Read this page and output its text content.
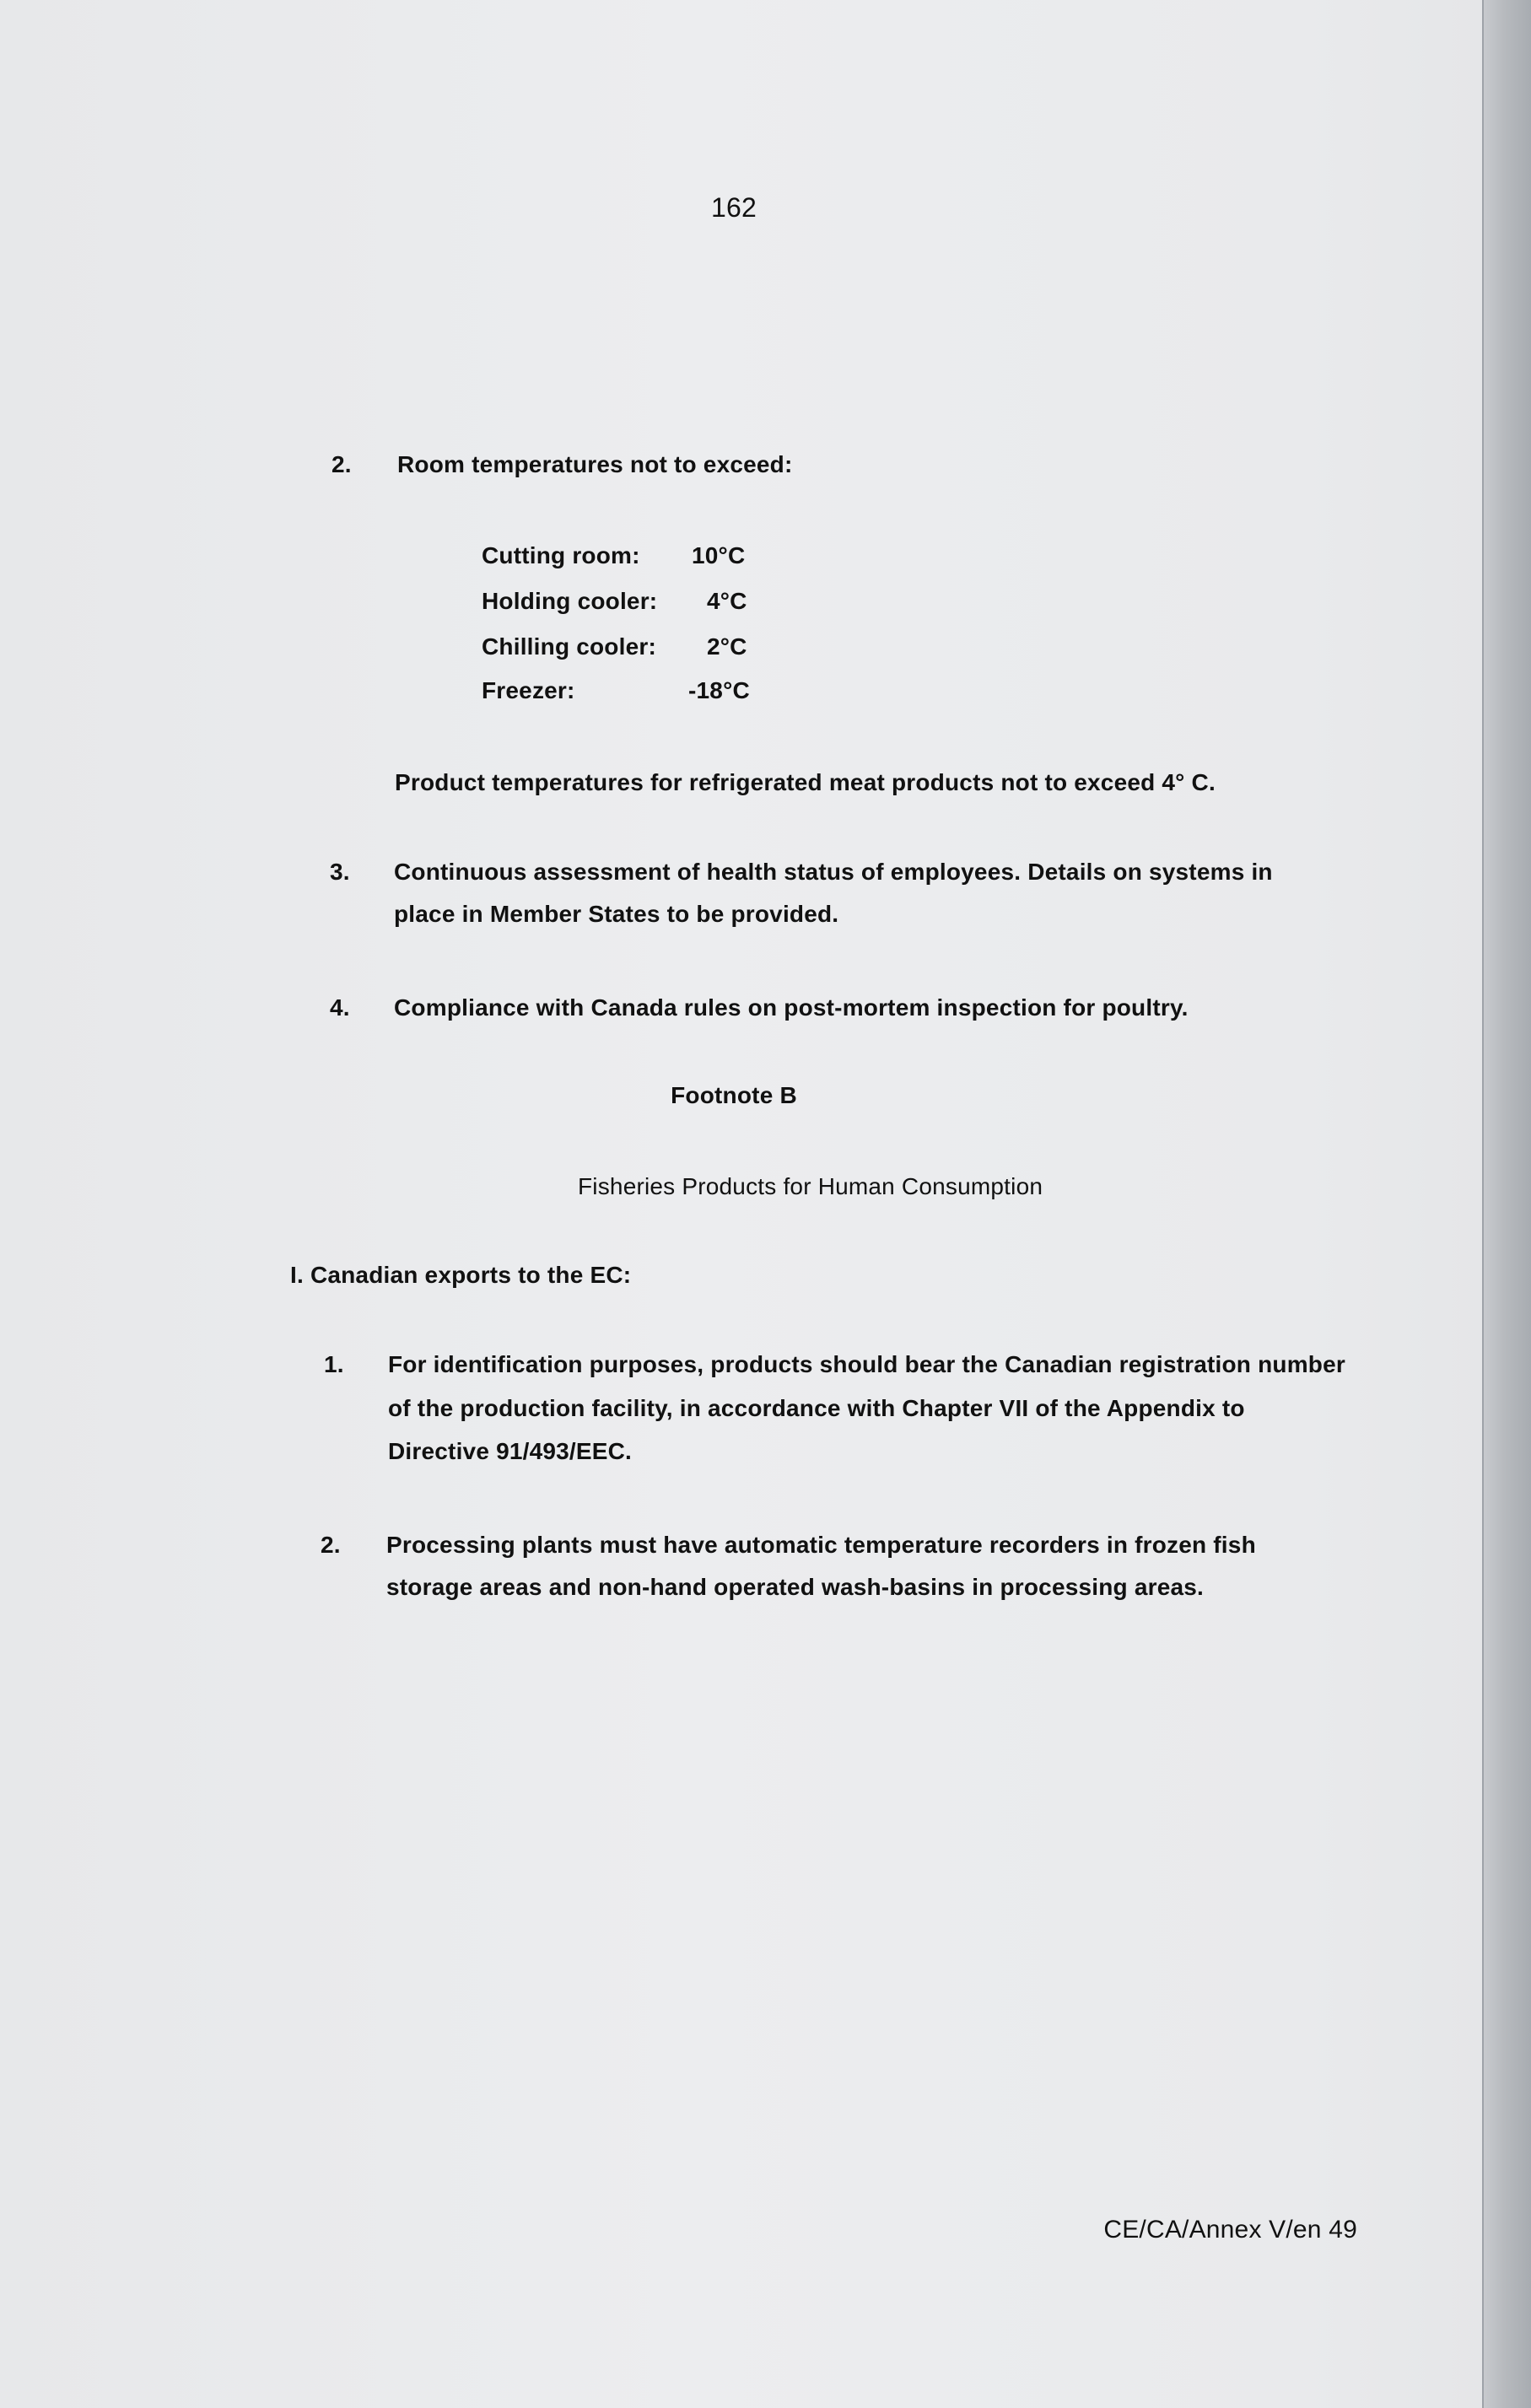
162
2. Room temperatures not to exceed:
Cutting room: 10°C
Holding cooler: 4°C
Chilling cooler: 2°C
Freezer:	-18°C
Product temperatures for refrigerated meat products not to exceed 4° C.
3. Continuous assessment of health status of employees. Details on systems in
place in Member States to be provided.
4. Compliance with Canada rules on post-mortem inspection for poultry.
Footnote B
Fisheries Products for Human Consumption
I. Canadian exports to the EC:
1. For identification purposes, products should bear the Canadian registration number
of the production facility, in accordance with Chapter VII of the Appendix to
Directive 91/493/EEC.
2. Processing plants must have automatic temperature recorders in frozen fish
storage areas and non-hand operated wash-basins in processing areas.
CE/CA/Annex V/en 49
